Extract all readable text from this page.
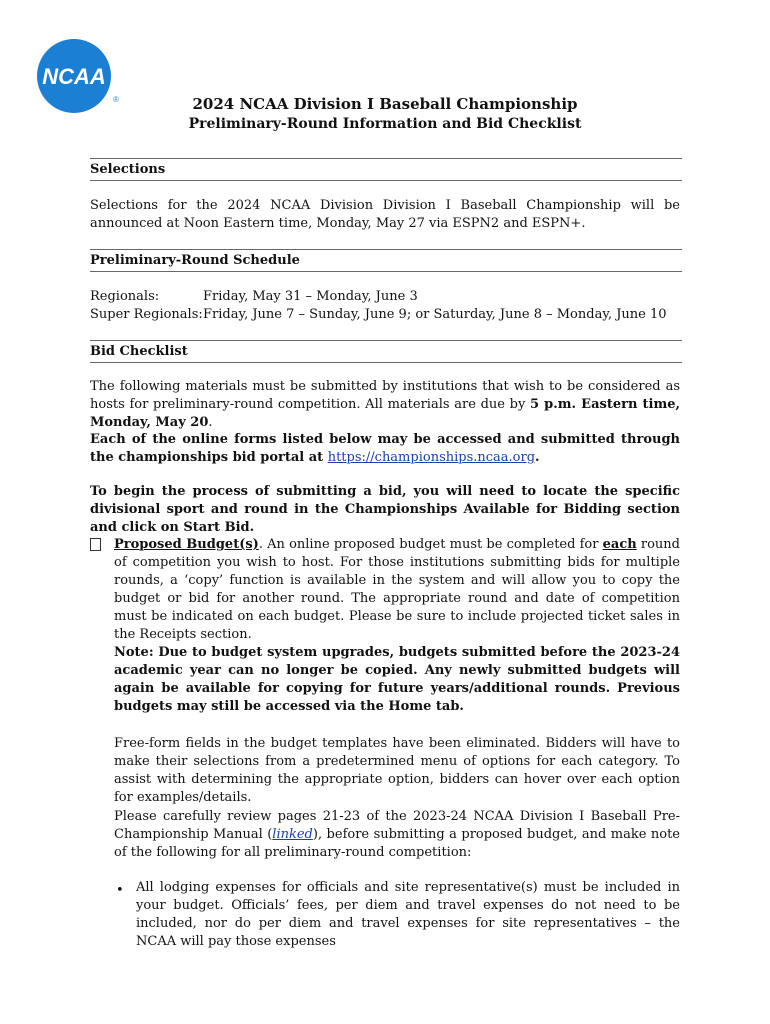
NCAA
®	2024 NCAA Division I Baseball Championship
Preliminary-Round Information and Bid Checklist
Selections
Selections for the 2024 NCAA Division Division I Baseball Championship will be announced at Noon Eastern time, Monday, May 27 via ESPN2 and ESPN+.
Preliminary-Round Schedule
Regionals:	Friday, May 31 – Monday, June 3
Super Regionals:Friday, June 7 – Sunday, June 9; or Saturday, June 8 – Monday, June 10
Bid Checklist
The following materials must be submitted by institutions that wish to be considered as hosts for preliminary-round competition. All materials are due by 5 p.m. Eastern time, Monday, May 20.
Each of the online forms listed below may be accessed and submitted through the championships bid portal at https://championships.ncaa.org.
To begin the process of submitting a bid, you will need to locate the specific divisional sport and round in the Championships Available for Bidding section and click on Start Bid.
Proposed Budget(s). An online proposed budget must be completed for each round of competition you wish to host. For those institutions submitting bids for multiple rounds, a ‘copy’ function is available in the system and will allow you to copy the budget or bid for another round. The appropriate round and date of competition must be indicated on each budget. Please be sure to include projected ticket sales in the Receipts section.
Note: Due to budget system upgrades, budgets submitted before the 2023-24 academic year can no longer be copied. Any newly submitted budgets will again be available for copying for future years/additional rounds. Previous budgets may still be accessed via the Home tab.
Free-form fields in the budget templates have been eliminated. Bidders will have to make their selections from a predetermined menu of options for each category. To assist with determining the appropriate option, bidders can hover over each option for examples/details.
Please carefully review pages 21-23 of the 2023-24 NCAA Division I Baseball Pre-Championship Manual (linked), before submitting a proposed budget, and make note of the following for all preliminary-round competition:
• All lodging expenses for officials and site representative(s) must be included in your budget. Officials’ fees, per diem and travel expenses do not need to be included, nor do per diem and travel expenses for site representatives – the NCAA will pay those expenses
